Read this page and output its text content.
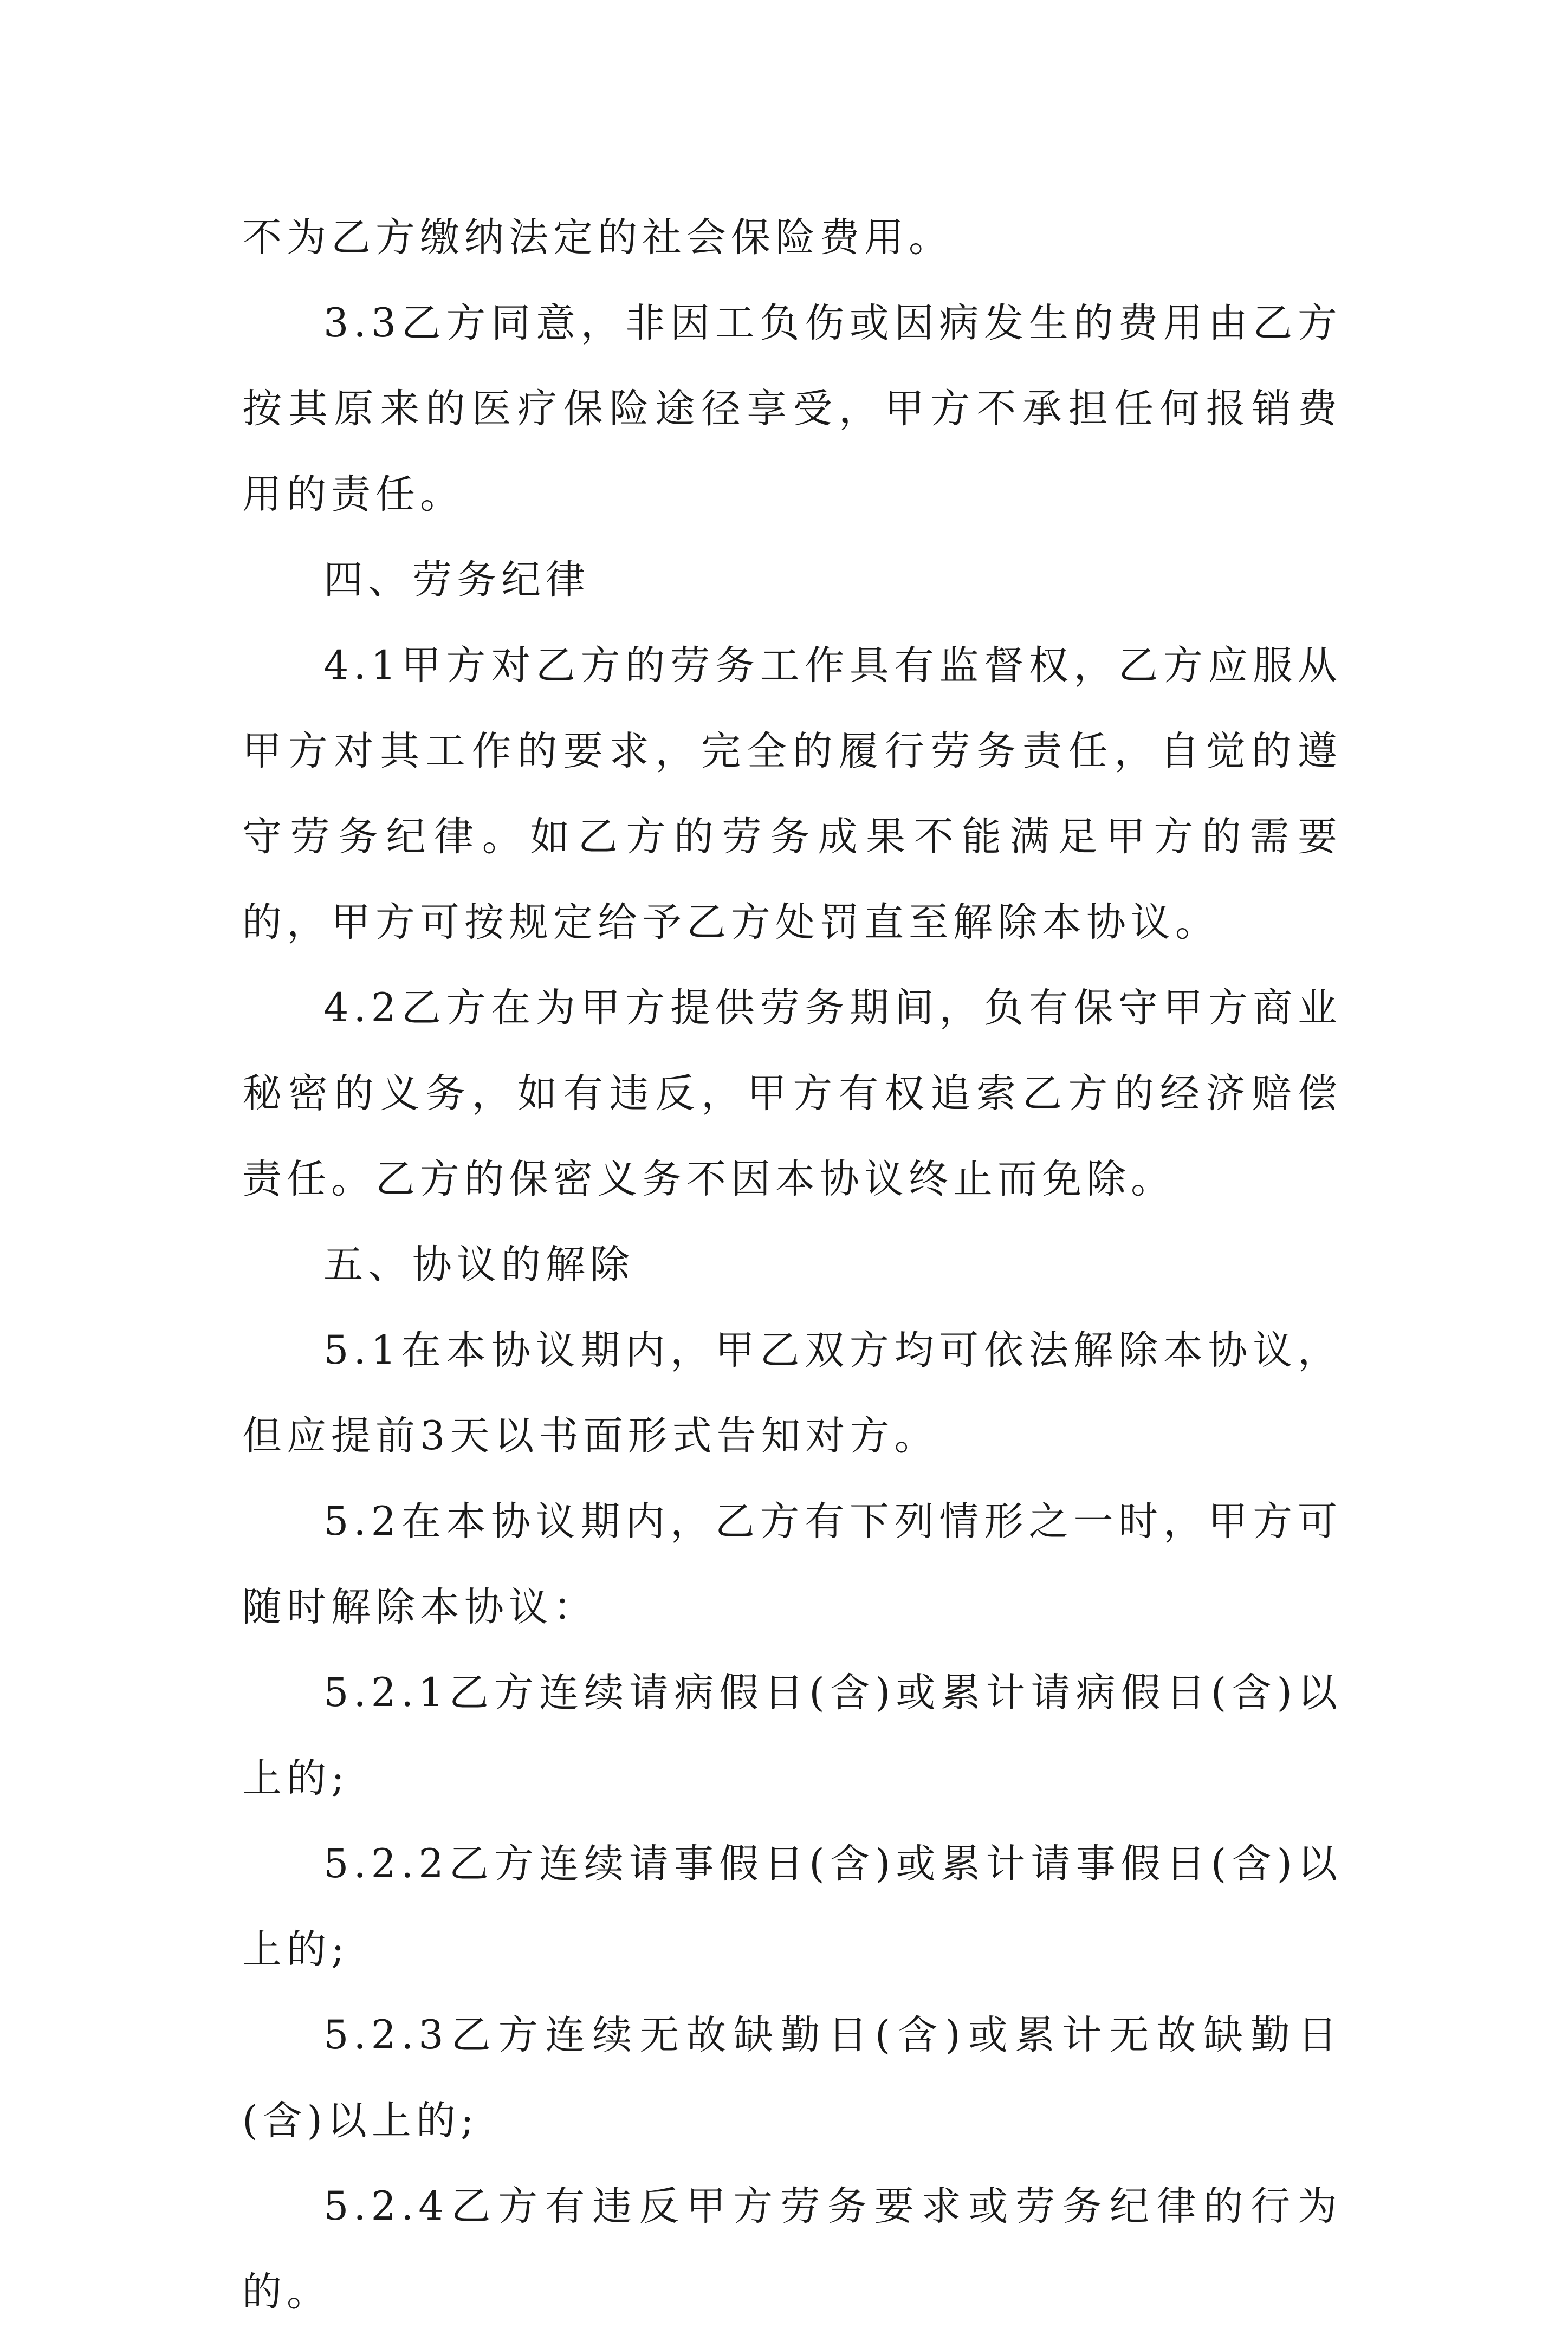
不为乙方缴纳法定的社会保险费用。

3.3乙方同意，非因工负伤或因病发生的费用由乙方按其原来的医疗保险途径享受，甲方不承担任何报销费用的责任。

四、劳务纪律

4.1甲方对乙方的劳务工作具有监督权，乙方应服从甲方对其工作的要求，完全的履行劳务责任，自觉的遵守劳务纪律。如乙方的劳务成果不能满足甲方的需要的，甲方可按规定给予乙方处罚直至解除本协议。

4.2乙方在为甲方提供劳务期间，负有保守甲方商业秘密的义务，如有违反，甲方有权追索乙方的经济赔偿责任。乙方的保密义务不因本协议终止而免除。

五、协议的解除

5.1在本协议期内，甲乙双方均可依法解除本协议，但应提前3天以书面形式告知对方。

5.2在本协议期内，乙方有下列情形之一时，甲方可随时解除本协议：

5.2.1乙方连续请病假日(含)或累计请病假日(含)以上的;

5.2.2乙方连续请事假日(含)或累计请事假日(含)以上的;

5.2.3乙方连续无故缺勤日(含)或累计无故缺勤日(含)以上的;

5.2.4乙方有违反甲方劳务要求或劳务纪律的行为的。
